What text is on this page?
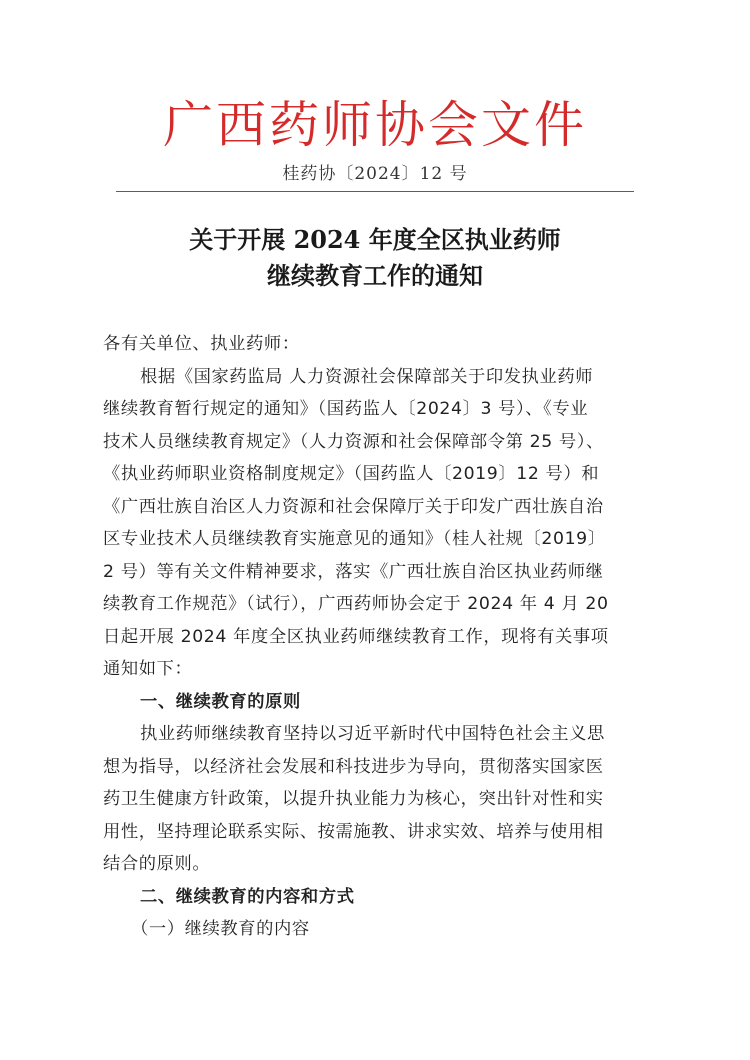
广西药师协会文件
桂药协〔2024〕12 号
关于开展 2024 年度全区执业药师
继续教育工作的通知
各有关单位、执业药师：
根据《国家药监局 人力资源社会保障部关于印发执业药师
继续教育暂行规定的通知》（国药监人〔2024〕3 号）、《专业
技术人员继续教育规定》（人力资源和社会保障部令第 25 号）、
《执业药师职业资格制度规定》（国药监人〔2019〕12 号）和
《广西壮族自治区人力资源和社会保障厅关于印发广西壮族自治
区专业技术人员继续教育实施意见的通知》（桂人社规〔2019〕
2 号）等有关文件精神要求，落实《广西壮族自治区执业药师继
续教育工作规范》（试行），广西药师协会定于 2024 年 4 月 20
日起开展 2024 年度全区执业药师继续教育工作，现将有关事项
通知如下：
一、继续教育的原则
执业药师继续教育坚持以习近平新时代中国特色社会主义思
想为指导，以经济社会发展和科技进步为导向，贯彻落实国家医
药卫生健康方针政策，以提升执业能力为核心，突出针对性和实
用性，坚持理论联系实际、按需施教、讲求实效、培养与使用相
结合的原则。
二、继续教育的内容和方式
（一）继续教育的内容
